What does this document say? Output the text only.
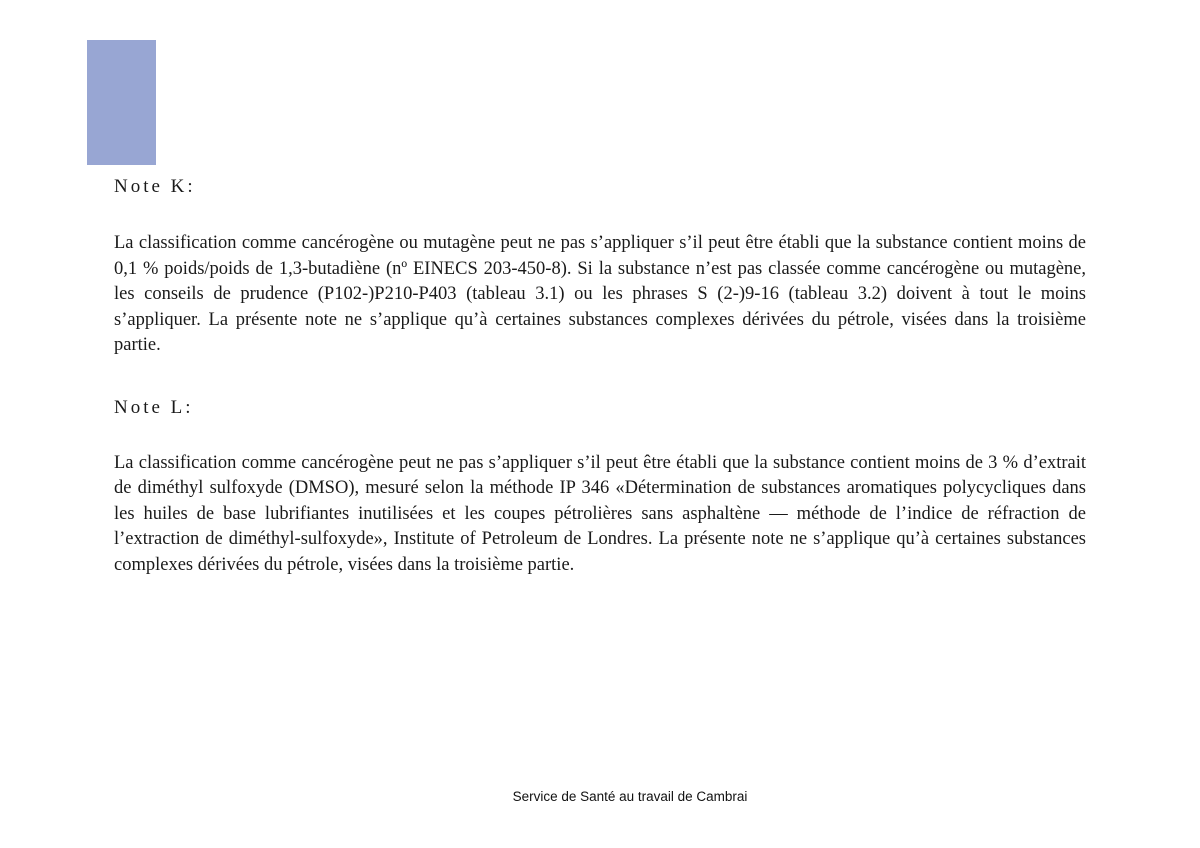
Note K:

La classification comme cancérogène ou mutagène peut ne pas s’appliquer s’il peut être établi que la substance contient moins de 0,1 % poids/poids de 1,3-butadiène (nº EINECS 203-450-8). Si la substance n’est pas classée comme cancérogène ou mutagène, les conseils de prudence (P102-)P210-P403 (tableau 3.1) ou les phrases S (2-)9-16 (tableau 3.2) doivent à tout le moins s’appliquer. La présente note ne s’applique qu’à certaines substances complexes dérivées du pétrole, visées dans la troisième partie.

Note L:

La classification comme cancérogène peut ne pas s’appliquer s’il peut être établi que la substance contient moins de 3 % d’extrait de diméthyl sulfoxyde (DMSO), mesuré selon la méthode IP 346 «Détermination de substances aromatiques polycycliques dans les huiles de base lubrifiantes inutilisées et les coupes pétrolières sans asphaltène — méthode de l’indice de réfraction de l’extraction de diméthyl-sulfoxyde», Institute of Petroleum de Londres. La présente note ne s’applique qu’à certaines substances complexes dérivées du pétrole, visées dans la troisième partie.

Service de Santé au travail de Cambrai
